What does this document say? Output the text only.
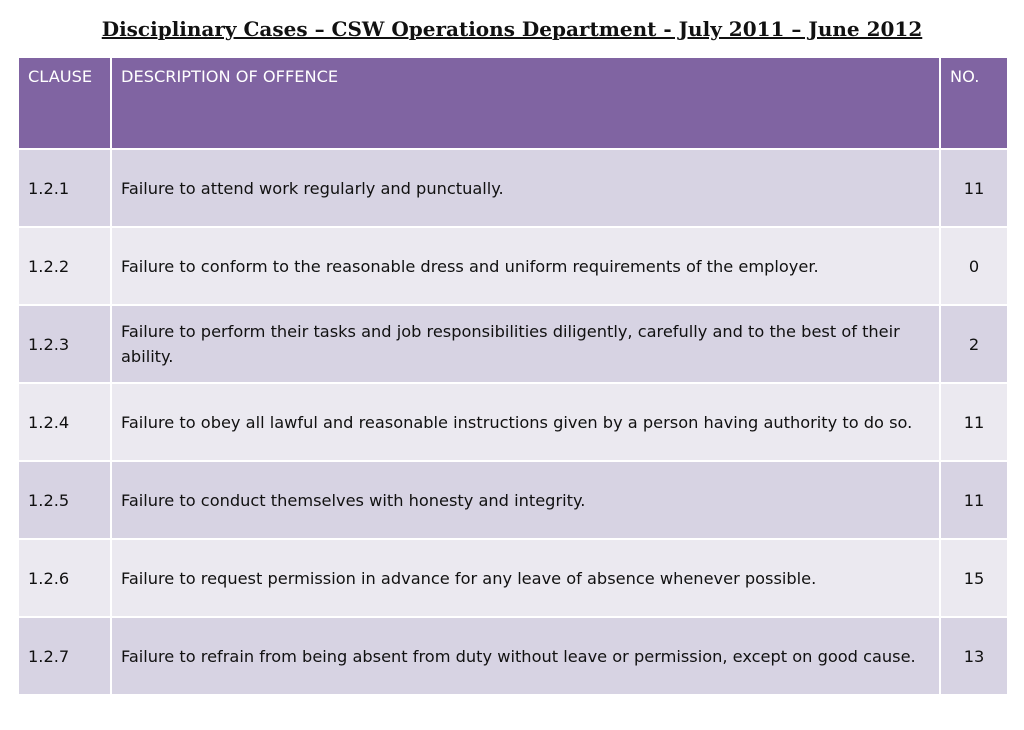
Disciplinary Cases – CSW Operations Department - July 2011 – June 2012
CLAUSE	DESCRIPTION OF OFFENCE	NO.
1.2.1	Failure to attend work regularly and punctually.	11
1.2.2	Failure to conform to the reasonable dress and uniform requirements of the employer.	0
1.2.3	Failure to perform their tasks and job responsibilities diligently, carefully and to the best of their ability.	2
1.2.4	Failure to obey all lawful and reasonable instructions given by a person having authority to do so.	11
1.2.5	Failure to conduct themselves with honesty and integrity.	11
1.2.6	Failure to request permission in advance for any leave of absence whenever possible.	15
1.2.7	Failure to refrain from being absent from duty without leave or permission, except on good cause.	13
